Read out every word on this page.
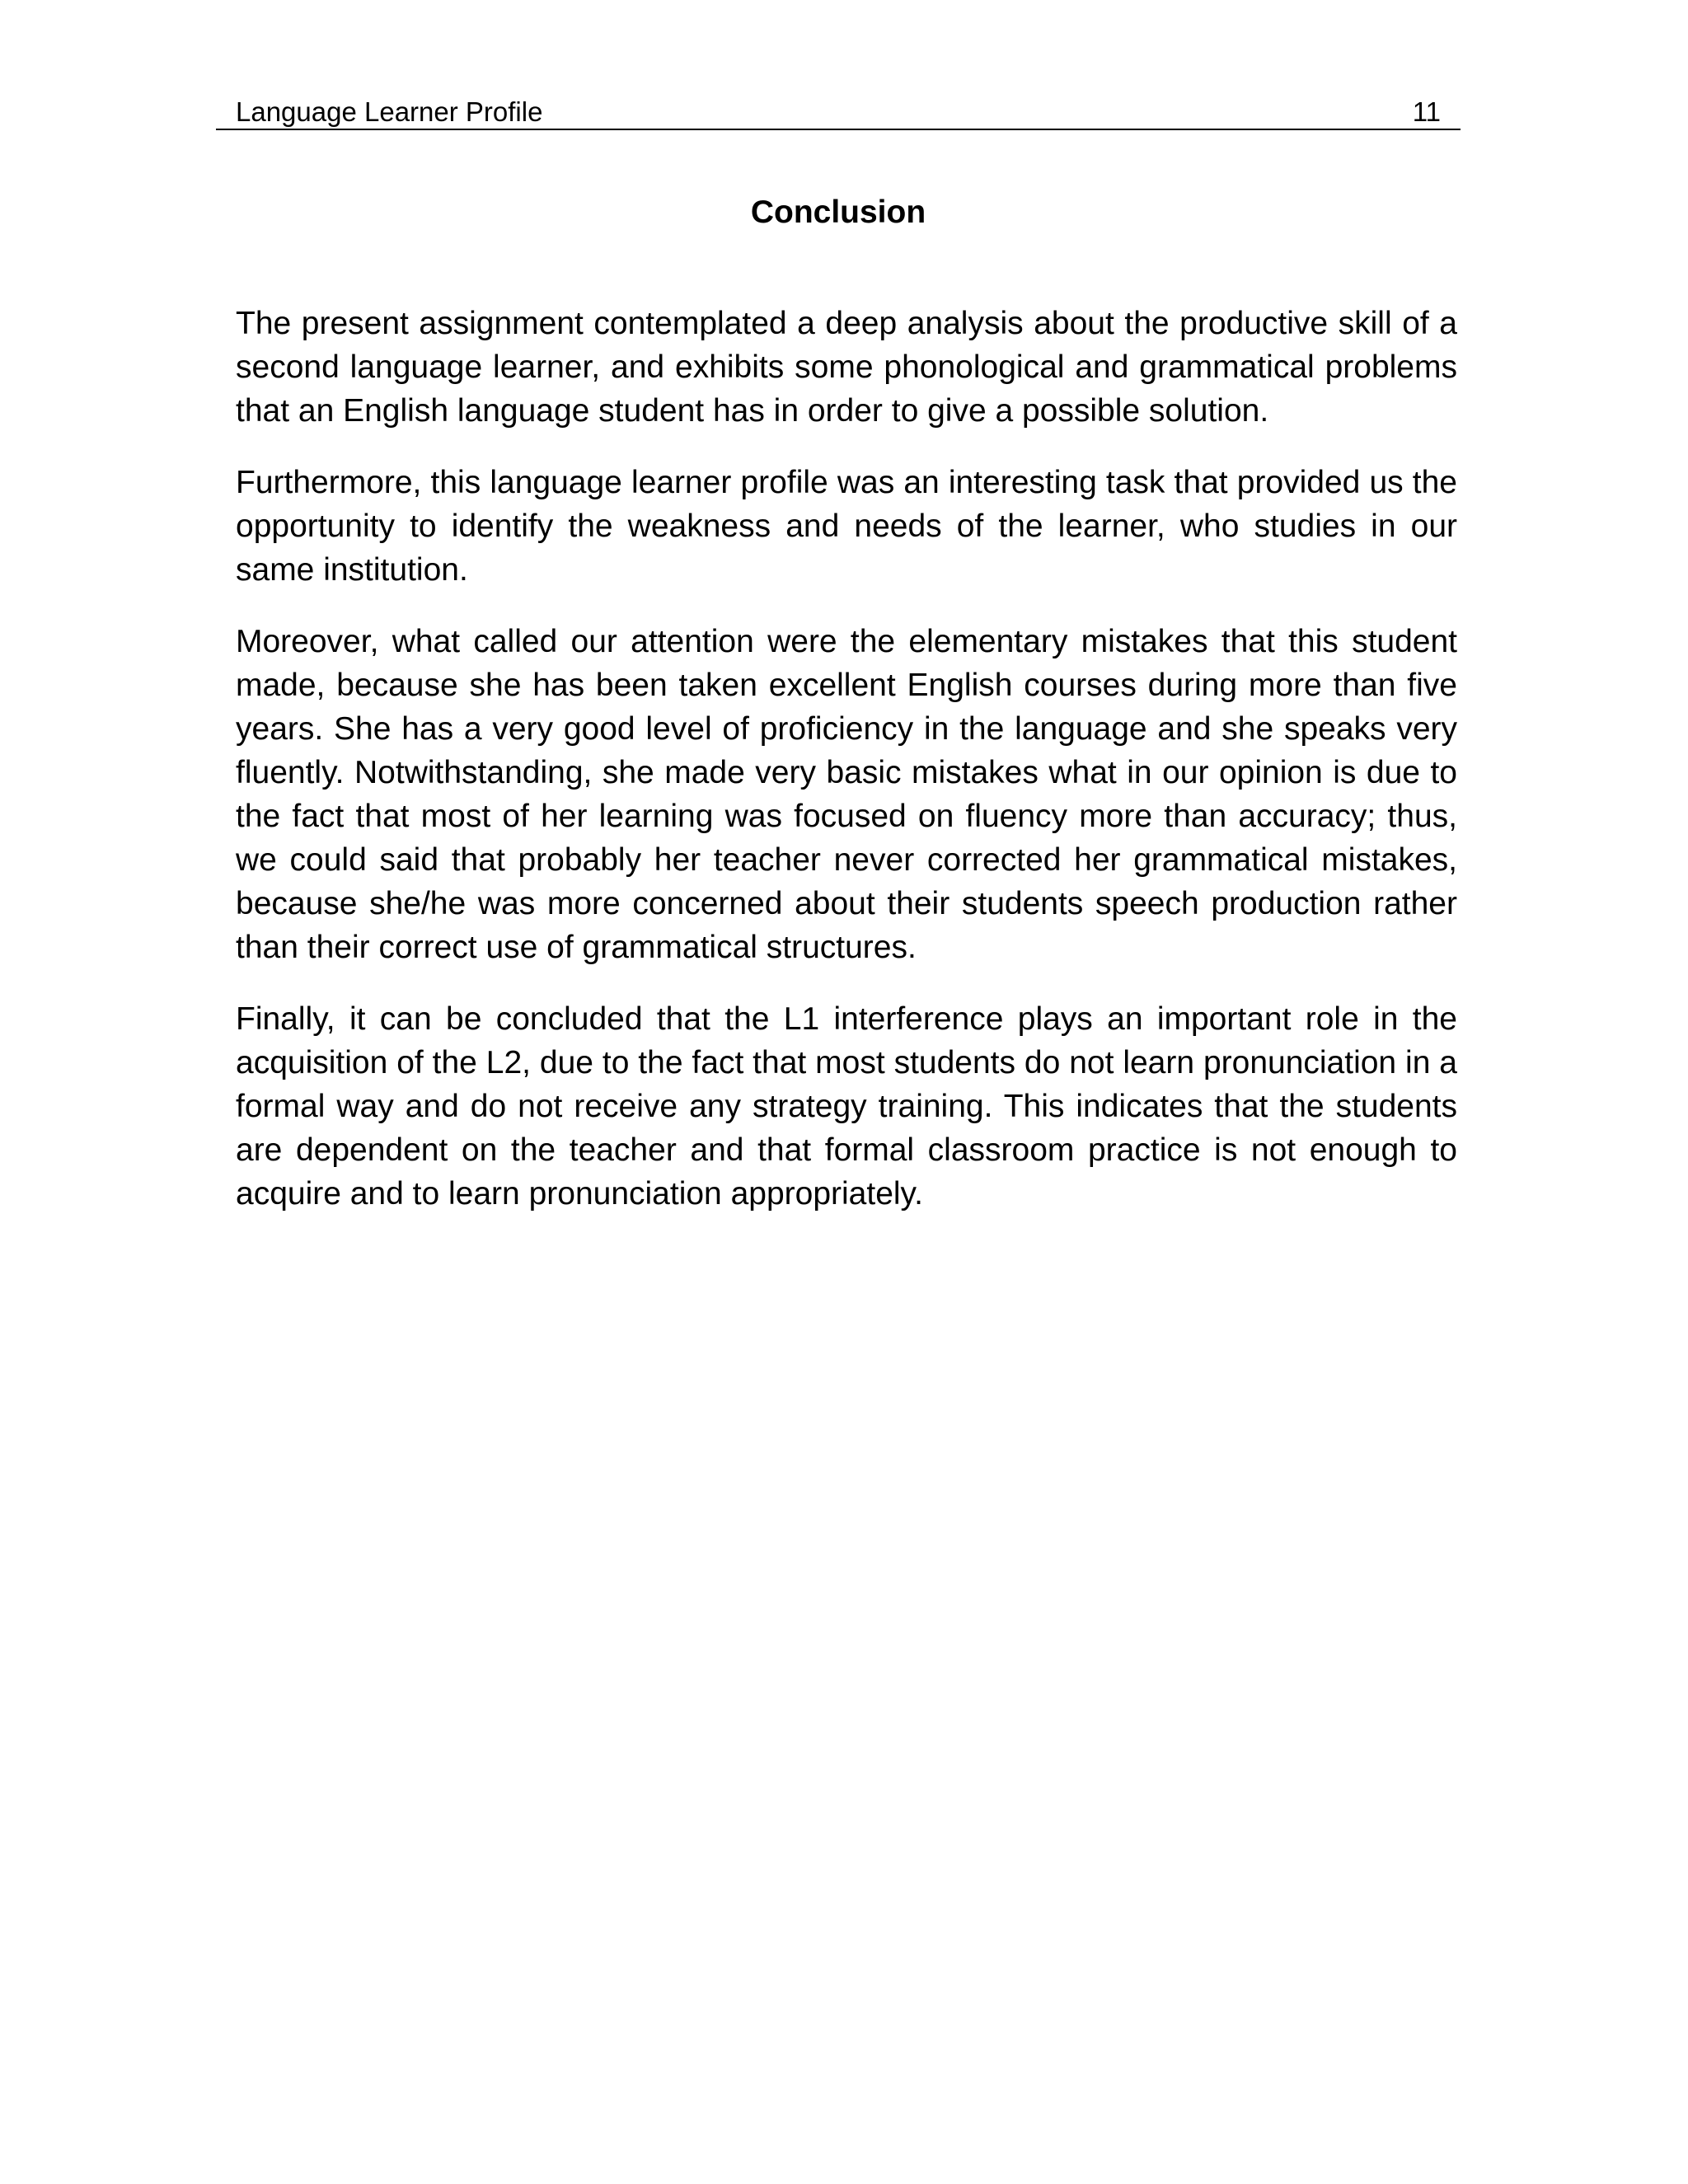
Language Learner Profile	11
Conclusion

The present assignment contemplated a deep analysis about the productive skill of a second language learner, and exhibits some phonological and grammatical problems that an English language student has in order to give a possible solution.

Furthermore, this language learner profile was an interesting task that provided us the opportunity to identify the weakness and needs of the learner, who studies in our same institution.

Moreover, what called our attention were the elementary mistakes that this student made, because she has been taken excellent English courses during more than five years. She has a very good level of proficiency in the language and she speaks very fluently. Notwithstanding, she made very basic mistakes what in our opinion is due to the fact that most of her learning was focused on fluency more than accuracy; thus, we could said that probably her teacher never corrected her grammatical mistakes, because she/he was more concerned about their students speech production rather than their correct use of grammatical structures.

Finally, it can be concluded that the L1 interference plays an important role in the acquisition of the L2, due to the fact that most students do not learn pronunciation in a formal way and do not receive any strategy training. This indicates that the students are dependent on the teacher and that formal classroom practice is not enough to acquire and to learn pronunciation appropriately.
